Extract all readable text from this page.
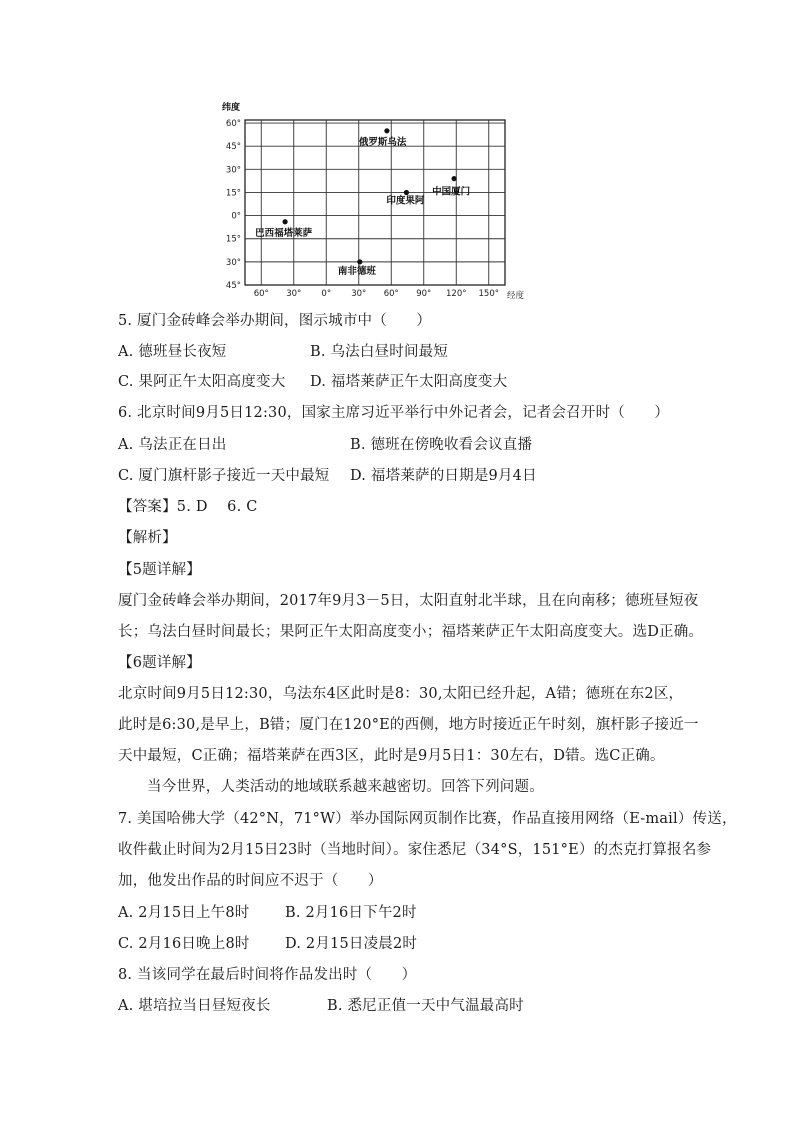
纬度
经度
60°
45°
30°
15°
0°
15°
30°
45°
60° 30° 0° 30° 60° 90° 120° 150°
俄罗斯乌法
中国厦门
印度果阿
巴西福塔莱萨
南非德班
5. 厦门金砖峰会举办期间，图示城市中（　　）
A. 德班昼长夜短	B. 乌法白昼时间最短
C. 果阿正午太阳高度变大 D. 福塔莱萨正午太阳高度变大
6. 北京时间9月5日12:30，国家主席习近平举行中外记者会，记者会召开时（　　）
A. 乌法正在日出	B. 德班在傍晚收看会议直播
C. 厦门旗杆影子接近一天中最短 D. 福塔莱萨的日期是9月4日
【答案】5. D　 6. C
【解析】
【5题详解】
厦门金砖峰会举办期间，2017年9月3－5日，太阳直射北半球，且在向南移；德班昼短夜
长；乌法白昼时间最长；果阿正午太阳高度变小；福塔莱萨正午太阳高度变大。选D正确。
【6题详解】
北京时间9月5日12:30，乌法东4区此时是8：30,太阳已经升起，A错；德班在东2区，
此时是6:30,是早上，B错；厦门在120°E的西侧，地方时接近正午时刻，旗杆影子接近一
天中最短，C正确；福塔莱萨在西3区，此时是9月5日1：30左右，D错。选C正确。
当今世界，人类活动的地域联系越来越密切。回答下列问题。
7. 美国哈佛大学（42°N，71°W）举办国际网页制作比赛，作品直接用网络（E-mail）传送，
收件截止时间为2月15日23时（当地时间）。家住悉尼（34°S，151°E）的杰克打算报名参
加，他发出作品的时间应不迟于（　　）
A. 2月15日上午8时 B. 2月16日下午2时
C. 2月16日晚上8时 D. 2月15日凌晨2时
8. 当该同学在最后时间将作品发出时（　　）
A. 堪培拉当日昼短夜长	B. 悉尼正值一天中气温最高时
